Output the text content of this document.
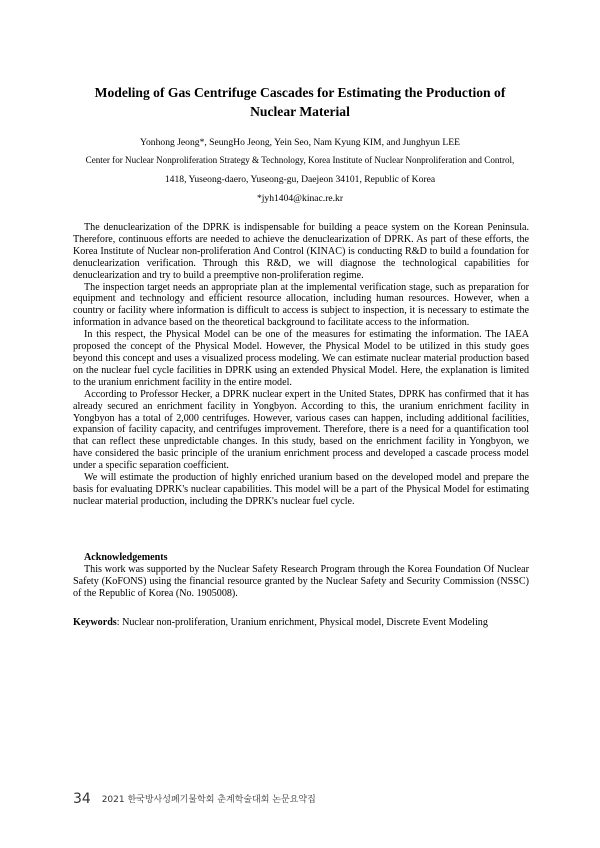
Modeling of Gas Centrifuge Cascades for Estimating the Production of Nuclear Material
Yonhong Jeong*, SeungHo Jeong, Yein Seo, Nam Kyung KIM, and Junghyun LEE
Center for Nuclear Nonproliferation Strategy & Technology, Korea Institute of Nuclear Nonproliferation and Control,
1418, Yuseong-daero, Yuseong-gu, Daejeon 34101, Republic of Korea
*jyh1404@kinac.re.kr

The denuclearization of the DPRK is indispensable for building a peace system on the Korean Peninsula. Therefore, continuous efforts are needed to achieve the denuclearization of DPRK. As part of these efforts, the Korea Institute of Nuclear non-proliferation And Control (KINAC) is conducting R&D to build a foundation for denuclearization verification. Through this R&D, we will diagnose the technological capabilities for denuclearization and try to build a preemptive non-proliferation regime.

The inspection target needs an appropriate plan at the implemental verification stage, such as preparation for equipment and technology and efficient resource allocation, including human resources. However, when a country or facility where information is difficult to access is subject to inspection, it is necessary to estimate the information in advance based on the theoretical background to facilitate access to the information.

In this respect, the Physical Model can be one of the measures for estimating the information. The IAEA proposed the concept of the Physical Model. However, the Physical Model to be utilized in this study goes beyond this concept and uses a visualized process modeling. We can estimate nuclear material production based on the nuclear fuel cycle facilities in DPRK using an extended Physical Model. Here, the explanation is limited to the uranium enrichment facility in the entire model.

According to Professor Hecker, a DPRK nuclear expert in the United States, DPRK has confirmed that it has already secured an enrichment facility in Yongbyon. According to this, the uranium enrichment facility in Yongbyon has a total of 2,000 centrifuges. However, various cases can happen, including additional facilities, expansion of facility capacity, and centrifuges improvement. Therefore, there is a need for a quantification tool that can reflect these unpredictable changes. In this study, based on the enrichment facility in Yongbyon, we have considered the basic principle of the uranium enrichment process and developed a cascade process model under a specific separation coefficient.

We will estimate the production of highly enriched uranium based on the developed model and prepare the basis for evaluating DPRK's nuclear capabilities. This model will be a part of the Physical Model for estimating nuclear material production, including the DPRK's nuclear fuel cycle.

Acknowledgements

This work was supported by the Nuclear Safety Research Program through the Korea Foundation Of Nuclear Safety (KoFONS) using the financial resource granted by the Nuclear Safety and Security Commission (NSSC) of the Republic of Korea (No. 1905008).

Keywords: Nuclear non-proliferation, Uranium enrichment, Physical model, Discrete Event Modeling
34 2021 한국방사성폐기물학회 춘계학술대회 논문요약집
